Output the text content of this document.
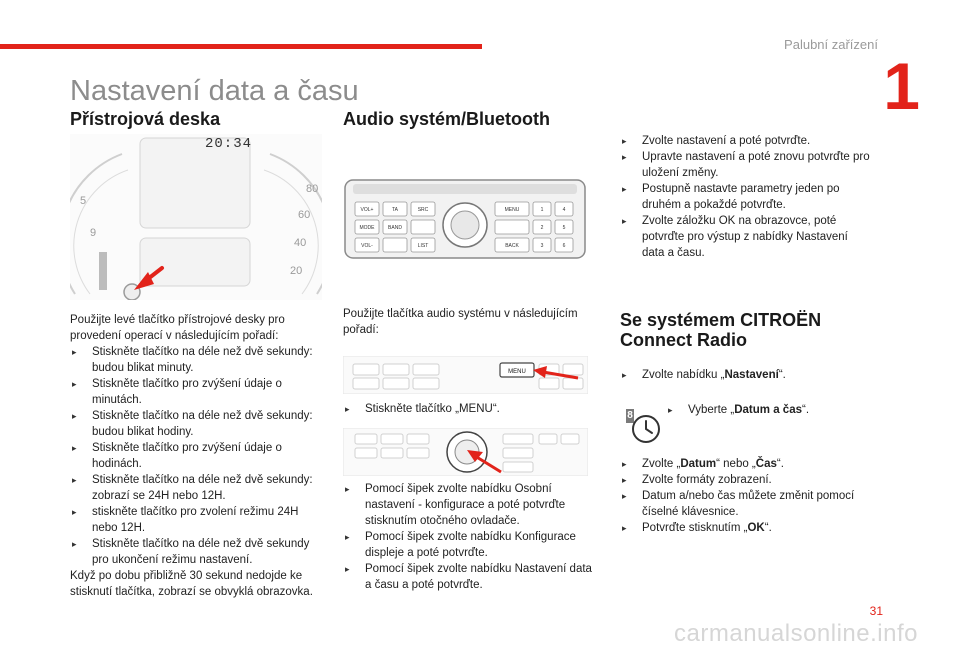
Palubní zařízení
1
Nastavení data a času
Přístrojová deska
5
9
20
40
60
80
20:34

Použijte levé tlačítko přístrojové desky pro provedení operací v následujícím pořadí:

▸ Stiskněte tlačítko na déle než dvě sekundy: budou blikat minuty.
▸ Stiskněte tlačítko pro zvýšení údaje o minutách.
▸ Stiskněte tlačítko na déle než dvě sekundy: budou blikat hodiny.
▸ Stiskněte tlačítko pro zvýšení údaje o hodinách.
▸ Stiskněte tlačítko na déle než dvě sekundy: zobrazí se 24H nebo 12H.
▸ stiskněte tlačítko pro zvolení režimu 24H nebo 12H.
▸ Stiskněte tlačítko na déle než dvě sekundy pro ukončení režimu nastavení.

Když po dobu přibližně 30 sekund nedojde ke stisknutí tlačítka, zobrazí se obvyklá obrazovka.

Audio systém/Bluetooth
VOL+	TA	SRC	MENU
MODE	BAND
VOL-	LIST	BACK
1
2
3
4
5
6
Použijte tlačítka audio systému v následujícím pořadí:
MENU
▸ Stiskněte tlačítko „MENU“.
▸ Pomocí šipek zvolte nabídku Osobní nastavení - konfigurace a poté potvrďte stisknutím otočného ovladače.
▸ Pomocí šipek zvolte nabídku Konfigurace displeje a poté potvrďte.
▸ Pomocí šipek zvolte nabídku Nastavení data a času a poté potvrďte.
▸ Zvolte nastavení a poté potvrďte.
▸ Upravte nastavení a poté znovu potvrďte pro uložení změny.
▸ Postupně nastavte parametry jeden po druhém a pokaždé potvrďte.
▸ Zvolte záložku OK na obrazovce, poté potvrďte pro výstup z nabídky Nastavení data a času.
Se systémem CITROËN
Connect Radio
▸ Zvolte nabídku „Nastavení“.
8
▸	Vyberte „Datum a čas“.
▸ Zvolte „Datum“ nebo „Čas“.
▸ Zvolte formáty zobrazení.
▸ Datum a/nebo čas můžete změnit pomocí číselné klávesnice.
▸ Potvrďte stisknutím „OK“.
31
carmanualsonline.info
